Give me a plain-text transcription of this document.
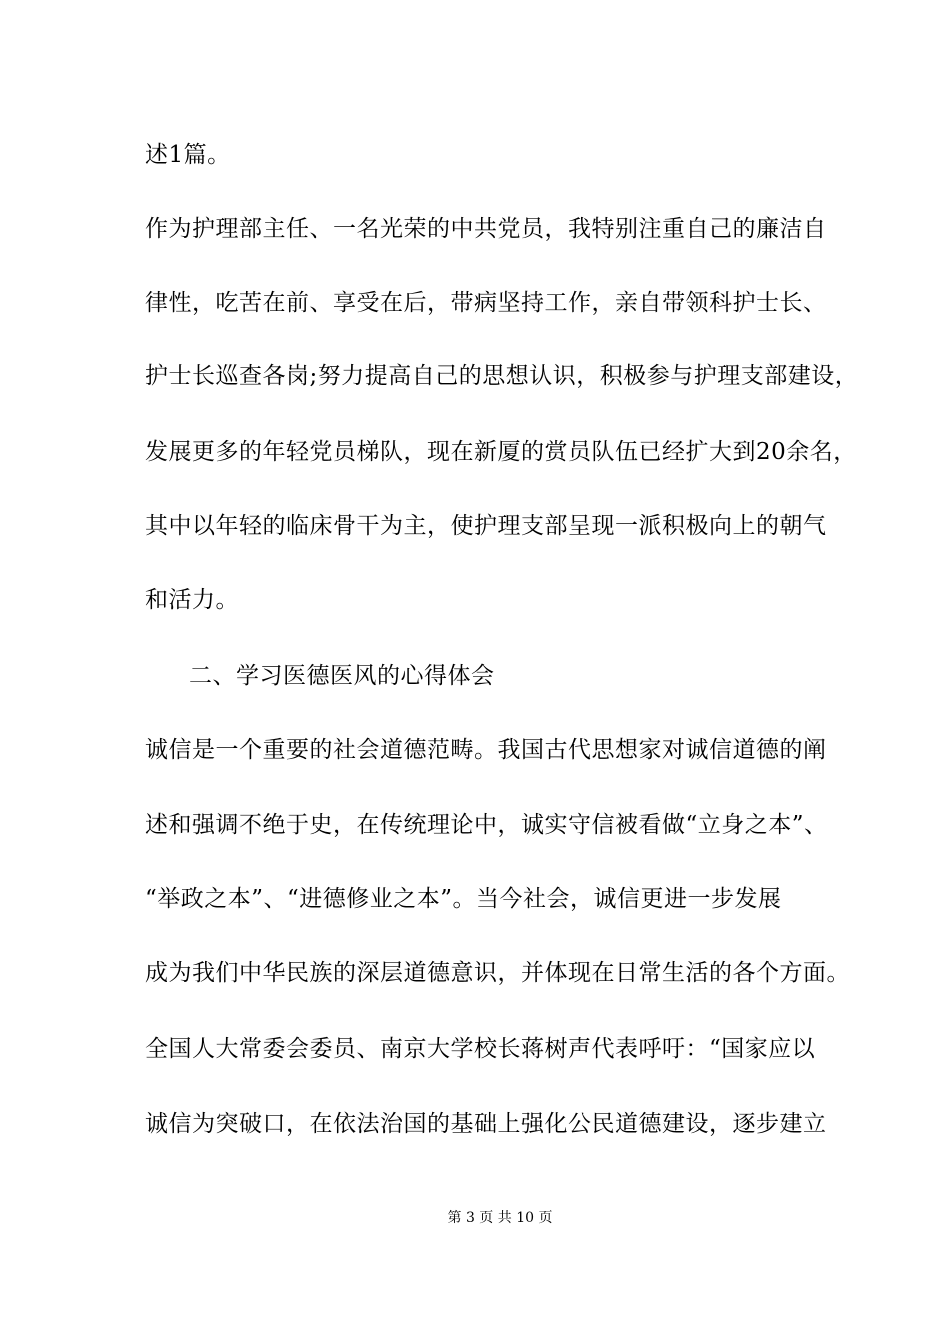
述1篇。
作为护理部主任、一名光荣的中共党员，我特别注重自己的廉洁自
律性，吃苦在前、享受在后，带病坚持工作，亲自带领科护士长、
护士长巡查各岗;努力提高自己的思想认识，积极参与护理支部建设，
发展更多的年轻党员梯队，现在新厦的赏员队伍已经扩大到20余名，
其中以年轻的临床骨干为主，使护理支部呈现一派积极向上的朝气
和活力。
二、学习医德医风的心得体会
诚信是一个重要的社会道德范畴。我国古代思想家对诚信道德的阐
述和强调不绝于史，在传统理论中，诚实守信被看做“立身之本”、
“举政之本”、“进德修业之本”。当今社会，诚信更进一步发展
成为我们中华民族的深层道德意识，并体现在日常生活的各个方面。
全国人大常委会委员、南京大学校长蒋树声代表呼吁：“国家应以
诚信为突破口，在依法治国的基础上强化公民道德建设，逐步建立
第 3 页 共 10 页
